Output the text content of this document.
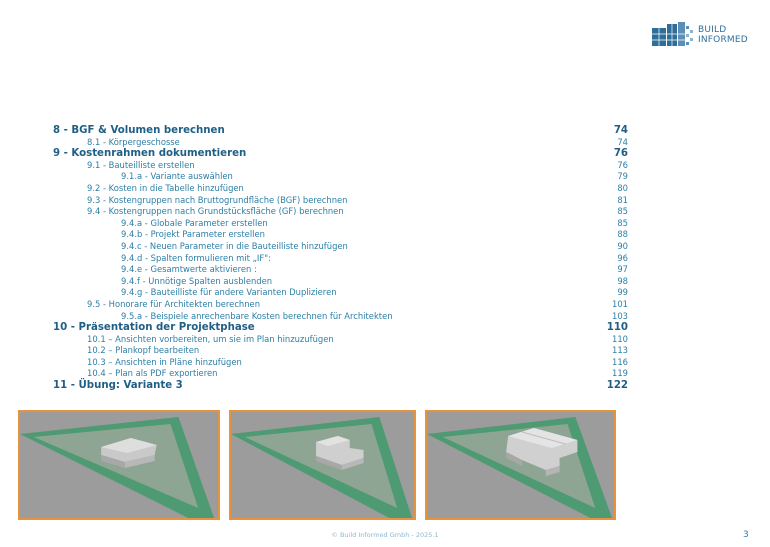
BUILD
INFORMED
8 - BGF & Volumen berechnen	74
8.1 - Körpergeschosse	74
9 - Kostenrahmen dokumentieren	76
9.1 - Bauteilliste erstellen	76
9.1.a - Variante auswählen	79
9.2 - Kosten in die Tabelle hinzufügen	80
9.3 - Kostengruppen nach Bruttogrundfläche (BGF) berechnen	81
9.4 - Kostengruppen nach Grundstücksfläche (GF) berechnen	85
9.4.a - Globale Parameter erstellen	85
9.4.b - Projekt Parameter erstellen	88
9.4.c - Neuen Parameter in die Bauteilliste hinzufügen	90
9.4.d - Spalten formulieren mit „IF":	96
9.4.e - Gesamtwerte aktivieren :	97
9.4.f - Unnötige Spalten ausblenden	98
9.4.g - Bauteilliste für andere Varianten Duplizieren	99
9.5 - Honorare für Architekten berechnen	101
9.5.a - Beispiele anrechenbare Kosten berechnen für Architekten	103
10 - Präsentation der Projektphase	110
10.1 – Ansichten vorbereiten, um sie im Plan hinzuzufügen	110
10.2 – Plankopf bearbeiten	113
10.3 – Ansichten in Pläne hinzufügen	116
10.4 – Plan als PDF exportieren	119
11 - Übung: Variante 3	122
© Build Informed Gmbh - 2025.1	3
